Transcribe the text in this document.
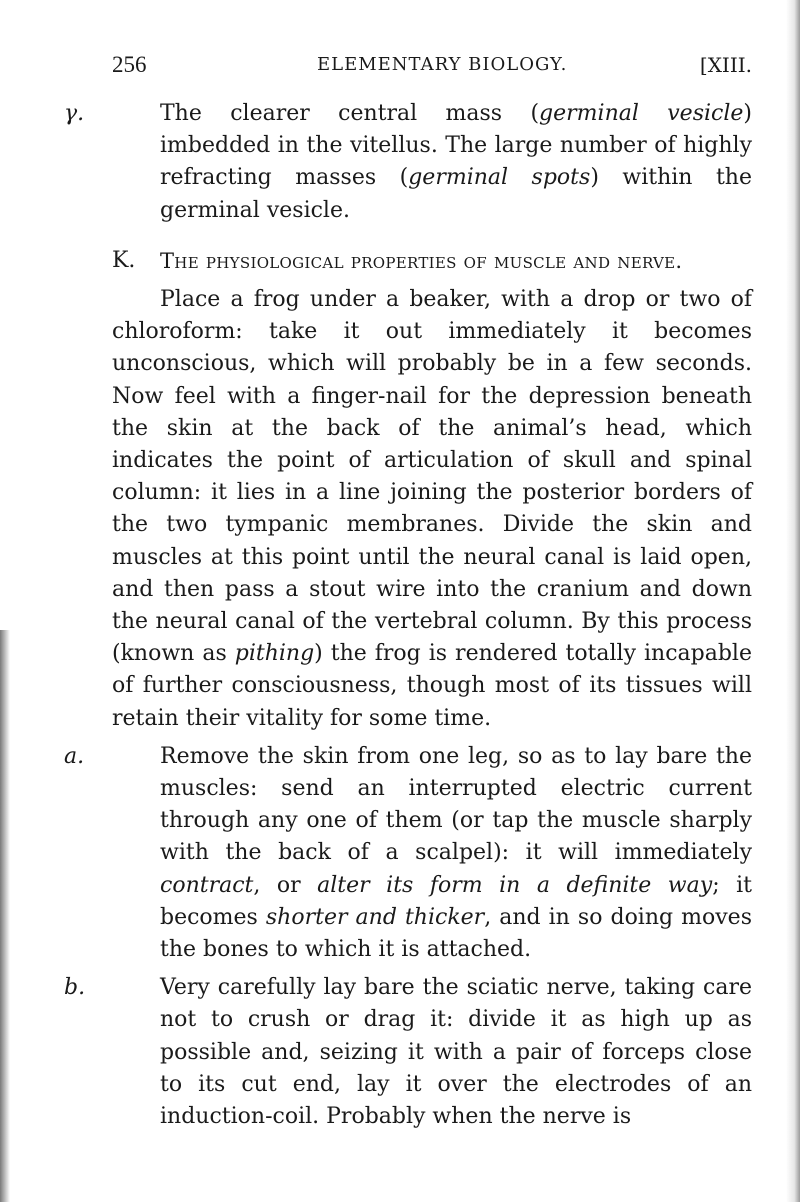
256	ELEMENTARY BIOLOGY.	[XIII.
γ.	The clearer central mass (germinal vesicle) imbedded in the vitellus. The large number of highly refracting masses (germinal spots) within the germinal vesicle.
K. The physiological properties of muscle and nerve.
Place a frog under a beaker, with a drop or two of chloroform: take it out immediately it becomes unconscious, which will probably be in a few seconds. Now feel with a finger-nail for the depression beneath the skin at the back of the animal’s head, which indicates the point of articulation of skull and spinal column: it lies in a line joining the posterior borders of the two tympanic membranes. Divide the skin and muscles at this point until the neural canal is laid open, and then pass a stout wire into the cranium and down the neural canal of the vertebral column. By this process (known as pithing) the frog is rendered totally incapable of further consciousness, though most of its tissues will retain their vitality for some time.
a.	Remove the skin from one leg, so as to lay bare the muscles: send an interrupted electric current through any one of them (or tap the muscle sharply with the back of a scalpel): it will immediately contract, or alter its form in a definite way; it becomes shorter and thicker, and in so doing moves the bones to which it is attached.
b.	Very carefully lay bare the sciatic nerve, taking care not to crush or drag it: divide it as high up as possible and, seizing it with a pair of forceps close to its cut end, lay it over the electrodes of an induction-coil. Probably when the nerve is
